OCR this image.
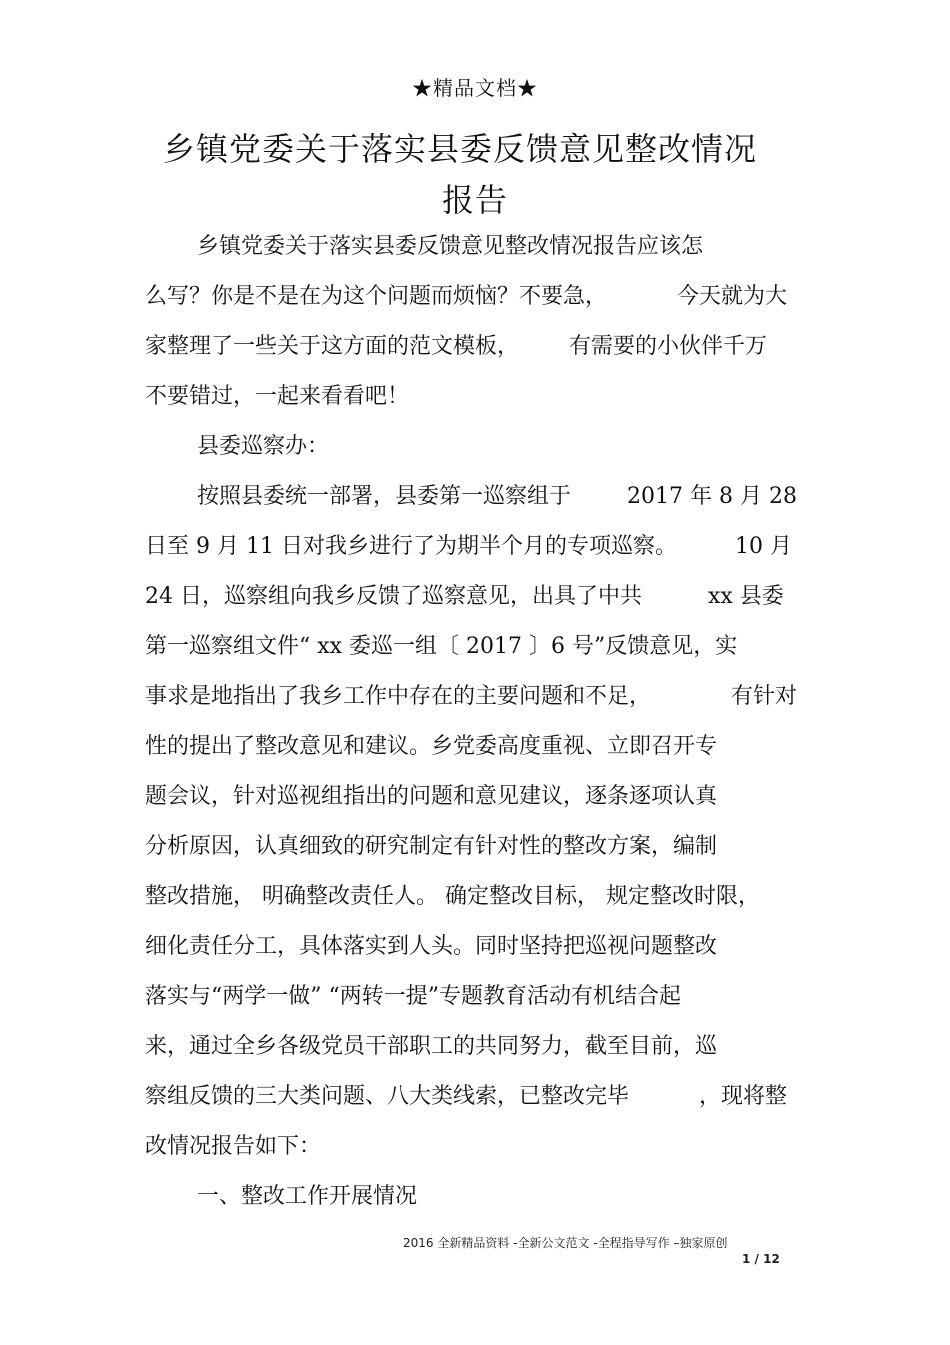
★精品文档★
乡镇党委关于落实县委反馈意见整改情况
报告
乡镇党委关于落实县委反馈意见整改情况报告应该怎
么写？你是不是在为这个问题而烦恼？不要急，	今天就为大
家整理了一些关于这方面的范文模板， 有需要的小伙伴千万
不要错过，一起来看看吧！
县委巡察办：
按照县委统一部署，县委第一巡察组于	2017 年 8 月 28
日至 9 月 11 日对我乡进行了为期半个月的专项巡察。	10 月
24 日，巡察组向我乡反馈了巡察意见，出具了中共	xx 县委
第一巡察组文件“ xx 委巡一组〔 2017 〕6 号”反馈意见，实
事求是地指出了我乡工作中存在的主要问题和不足，	有针对
性的提出了整改意见和建议。乡党委高度重视、立即召开专
题会议，针对巡视组指出的问题和意见建议，逐条逐项认真
分析原因，认真细致的研究制定有针对性的整改方案，编制
整改措施， 明确整改责任人。 确定整改目标， 规定整改时限，
细化责任分工，具体落实到人头。同时坚持把巡视问题整改
落实与“两学一做” “两转一提”专题教育活动有机结合起
来，通过全乡各级党员干部职工的共同努力，截至目前，巡
察组反馈的三大类问题、八大类线索，已整改完毕	，现将整
改情况报告如下：
一、整改工作开展情况
2016 全新精品资料 -全新公文范文 -全程指导写作 –独家原创
1 / 12
